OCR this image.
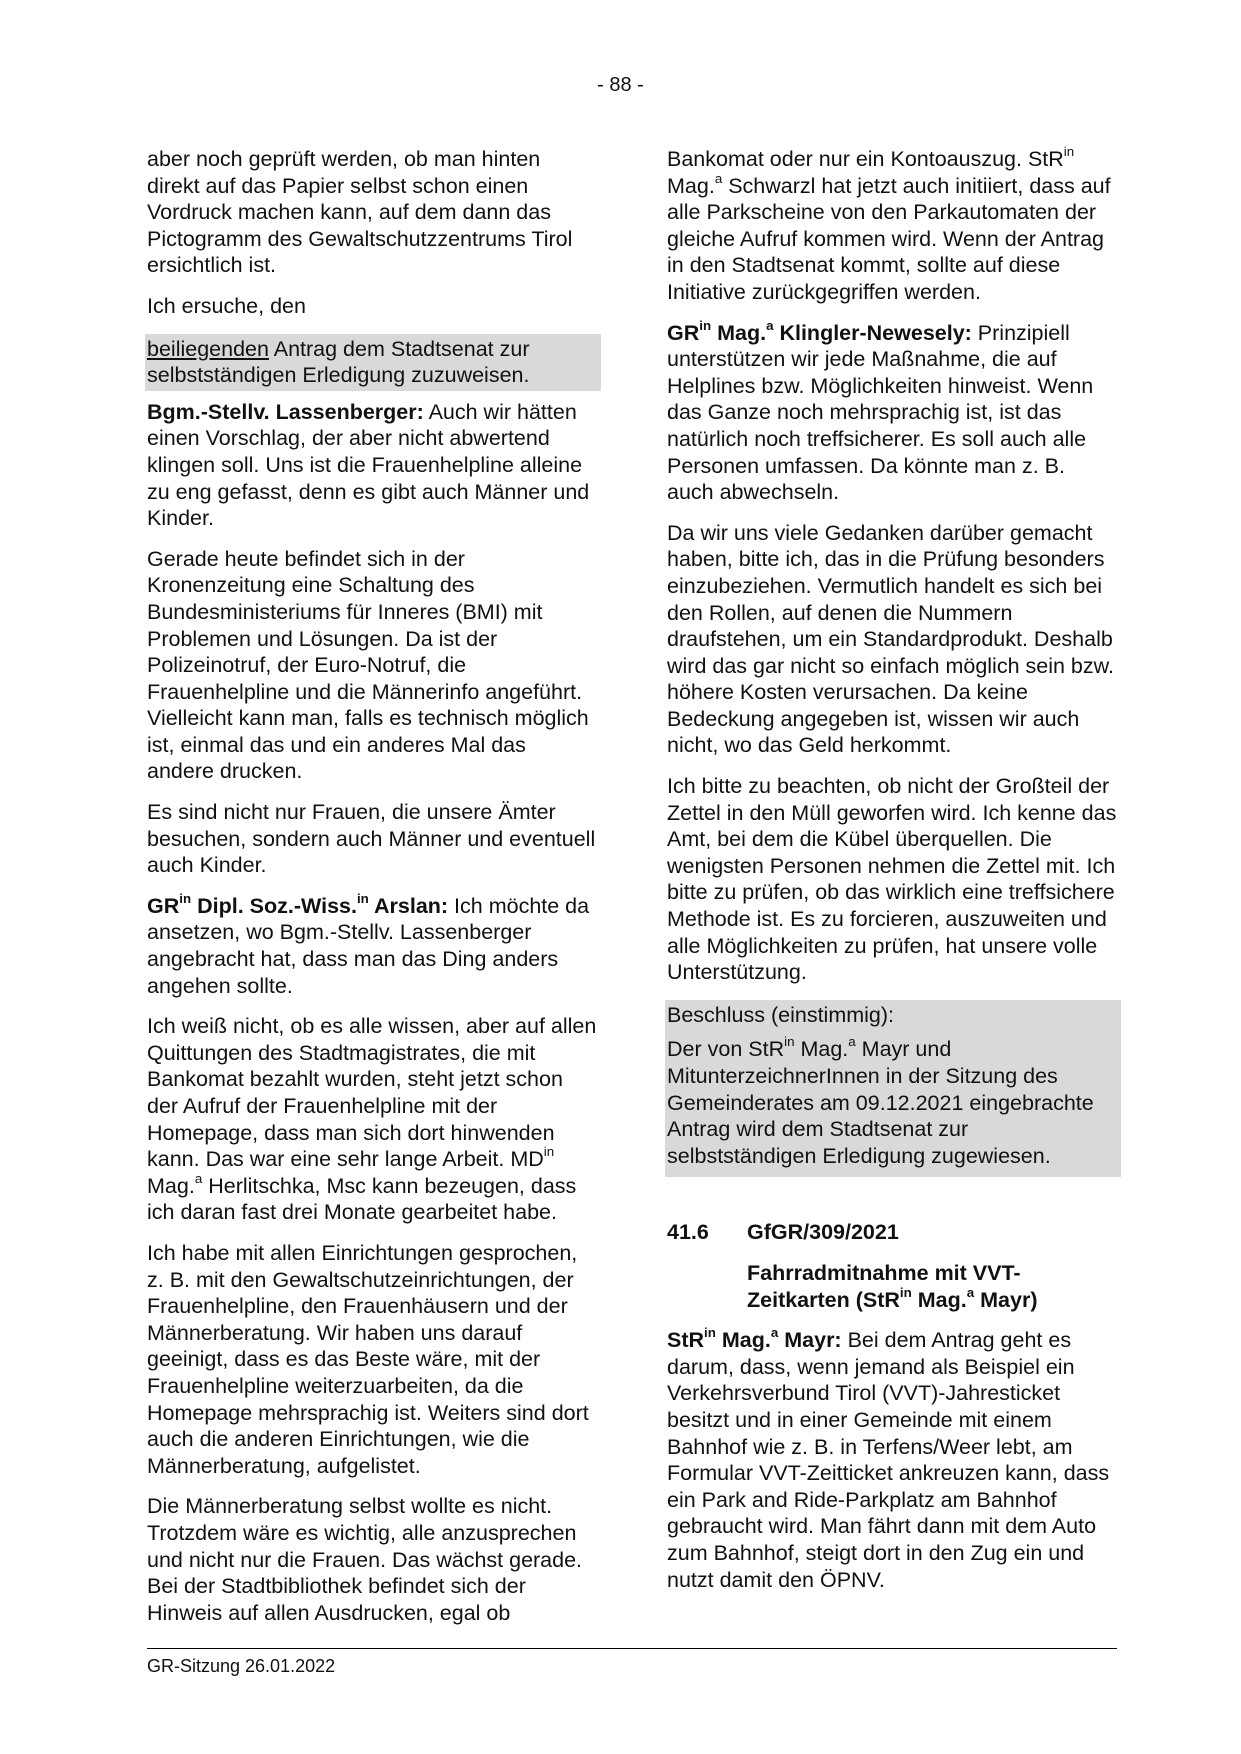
- 88 -

aber noch geprüft werden, ob man hinten direkt auf das Papier selbst schon einen Vordruck machen kann, auf dem dann das Pictogramm des Gewaltschutzzentrums Tirol ersichtlich ist.

Ich ersuche, den

beiliegenden Antrag dem Stadtsenat zur selbstständigen Erledigung zuzuweisen.

Bgm.-Stellv. Lassenberger: Auch wir hätten einen Vorschlag, der aber nicht abwertend klingen soll. Uns ist die Frauenhelpline alleine zu eng gefasst, denn es gibt auch Männer und Kinder.

Gerade heute befindet sich in der Kronenzeitung eine Schaltung des Bundesministeriums für Inneres (BMI) mit Problemen und Lösungen. Da ist der Polizeinotruf, der Euro-Notruf, die Frauenhelpline und die Männerinfo angeführt. Vielleicht kann man, falls es technisch möglich ist, einmal das und ein anderes Mal das andere drucken.

Es sind nicht nur Frauen, die unsere Ämter besuchen, sondern auch Männer und eventuell auch Kinder.

$GR^{in}$ Dipl. Soz.-Wiss.$^{in}$ Arslan: Ich möchte da ansetzen, wo Bgm.-Stellv. Lassenberger angebracht hat, dass man das Ding anders angehen sollte.

Ich weiß nicht, ob es alle wissen, aber auf allen Quittungen des Stadtmagistrates, die mit Bankomat bezahlt wurden, steht jetzt schon der Aufruf der Frauenhelpline mit der Homepage, dass man sich dort hinwenden kann. Das war eine sehr lange Arbeit. $MD^{in}$ Mag.$^a$ Herlitschka, Msc kann bezeugen, dass ich daran fast drei Monate gearbeitet habe.

Ich habe mit allen Einrichtungen gesprochen, z. B. mit den Gewaltschutzeinrichtungen, der Frauenhelpline, den Frauenhäusern und der Männerberatung. Wir haben uns darauf geeinigt, dass es das Beste wäre, mit der Frauenhelpline weiterzuarbeiten, da die Homepage mehrsprachig ist. Weiters sind dort auch die anderen Einrichtungen, wie die Männerberatung, aufgelistet.

Die Männerberatung selbst wollte es nicht. Trotzdem wäre es wichtig, alle anzusprechen und nicht nur die Frauen. Das wächst gerade. Bei der Stadtbibliothek befindet sich der Hinweis auf allen Ausdrucken, egal ob

Bankomat oder nur ein Kontoauszug. StR$^{in}$ Mag.$^a$ Schwarzl hat jetzt auch initiiert, dass auf alle Parkscheine von den Parkautomaten der gleiche Aufruf kommen wird. Wenn der Antrag in den Stadtsenat kommt, sollte auf diese Initiative zurückgegriffen werden.

$GR^{in}$ Mag.$^a$ Klingler-Newesely: Prinzipiell unterstützen wir jede Maßnahme, die auf Helplines bzw. Möglichkeiten hinweist. Wenn das Ganze noch mehrsprachig ist, ist das natürlich noch treffsicherer. Es soll auch alle Personen umfassen. Da könnte man z. B. auch abwechseln.

Da wir uns viele Gedanken darüber gemacht haben, bitte ich, das in die Prüfung besonders einzubeziehen. Vermutlich handelt es sich bei den Rollen, auf denen die Nummern draufstehen, um ein Standardprodukt. Deshalb wird das gar nicht so einfach möglich sein bzw. höhere Kosten verursachen. Da keine Bedeckung angegeben ist, wissen wir auch nicht, wo das Geld herkommt.

Ich bitte zu beachten, ob nicht der Großteil der Zettel in den Müll geworfen wird. Ich kenne das Amt, bei dem die Kübel überquellen. Die wenigsten Personen nehmen die Zettel mit. Ich bitte zu prüfen, ob das wirklich eine treffsichere Methode ist. Es zu forcieren, auszuweiten und alle Möglichkeiten zu prüfen, hat unsere volle Unterstützung.

Beschluss (einstimmig):

Der von StR$^{in}$ Mag.$^a$ Mayr und MitunterzeichnerInnen in der Sitzung des Gemeinderates am 09.12.2021 eingebrachte Antrag wird dem Stadtsenat zur selbstständigen Erledigung zugewiesen.

41.6	GfGR/309/2021
Fahrradmitnahme mit VVT-Zeitkarten (StR$^{in}$ Mag.$^a$ Mayr)

StR$^{in}$ Mag.$^a$ Mayr: Bei dem Antrag geht es darum, dass, wenn jemand als Beispiel ein Verkehrsverbund Tirol (VVT)-Jahresticket besitzt und in einer Gemeinde mit einem Bahnhof wie z. B. in Terfens/Weer lebt, am Formular VVT-Zeitticket ankreuzen kann, dass ein Park and Ride-Parkplatz am Bahnhof gebraucht wird. Man fährt dann mit dem Auto zum Bahnhof, steigt dort in den Zug ein und nutzt damit den ÖPNV.

GR-Sitzung 26.01.2022
